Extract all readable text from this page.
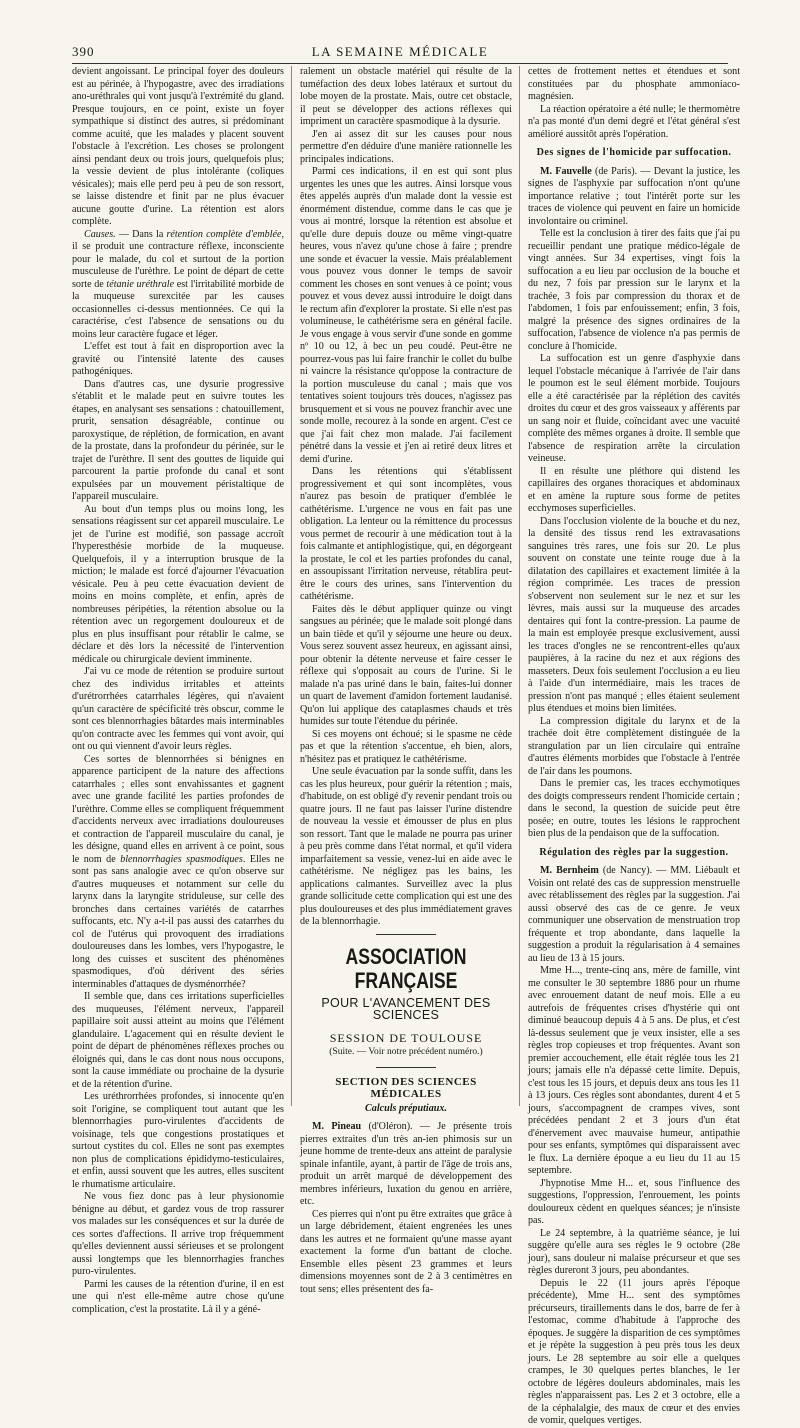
390	LA SEMAINE MÉDICALE

devient angoissant. Le principal foyer des douleurs est au périnée, à l'hypogastre, avec des irradiations ano-uréthrales qui vont jusqu'à l'extrémité du gland. Presque toujours, en ce point, existe un foyer sympathique si distinct des autres, si prédominant comme acuité, que les malades y placent souvent l'obstacle à l'excrétion. Les choses se prolongent ainsi pendant deux ou trois jours, quelquefois plus; la vessie devient de plus intolérante (coliques vésicales); mais elle perd peu à peu de son ressort, se laisse distendre et finit par ne plus évacuer aucune goutte d'urine. La rétention est alors complète.

Causes. — Dans la rétention complète d'emblée, il se produit une contracture réflexe, inconsciente pour le malade, du col et surtout de la portion musculeuse de l'urèthre. Le point de départ de cette sorte de tétanie uréthrale est l'irritabilité morbide de la muqueuse surexcitée par les causes occasionnelles ci-dessus mentionnées. Ce qui la caractérise, c'est l'absence de sensations ou du moins leur caractère fugace et léger.

L'effet est tout à fait en disproportion avec la gravité ou l'intensité latente des causes pathogéniques.

Dans d'autres cas, une dysurie progressive s'établit et le malade peut en suivre toutes les étapes, en analysant ses sensations : chatouillement, prurit, sensation désagréable, continue ou paroxystique, de réplétion, de formication, en avant de la prostate, dans la profondeur du périnée, sur le trajet de l'urèthre. Il sent des gouttes de liquide qui parcourent la partie profonde du canal et sont expulsées par un mouvement péristaltique de l'appareil musculaire.

Au bout d'un temps plus ou moins long, les sensations réagissent sur cet appareil musculaire. Le jet de l'urine est modifié, son passage accroît l'hyperesthésie morbide de la muqueuse. Quelquefois, il y a interruption brusque de la miction; le malade est forcé d'ajourner l'évacuation vésicale. Peu à peu cette évacuation devient de moins en moins complète, et enfin, après de nombreuses péripéties, la rétention absolue ou la rétention avec un regorgement douloureux et de plus en plus insuffisant pour rétablir le calme, se déclare et dès lors la nécessité de l'intervention médicale ou chirurgicale devient imminente.

J'ai vu ce mode de rétention se produire surtout chez des individus irritables et atteints d'urétrorrhées catarrhales légères, qui n'avaient qu'un caractère de spécificité très obscur, comme le sont ces blennorrhagies bâtardes mais interminables qu'on contracte avec les femmes qui vont avoir, qui ont ou qui viennent d'avoir leurs règles.

Ces sortes de blennorrhées si bénignes en apparence participent de la nature des affections catarrhales ; elles sont envahissantes et gagnent avec une grande facilité les parties profondes de l'urèthre. Comme elles se compliquent fréquemment d'accidents nerveux avec irradiations douloureuses et contraction de l'appareil musculaire du canal, je les désigne, quand elles en arrivent à ce point, sous le nom de blennorrhagies spasmodiques. Elles ne sont pas sans analogie avec ce qu'on observe sur d'autres muqueuses et notamment sur celle du larynx dans la laryngite striduleuse, sur celle des bronches dans certaines variétés de catarrhes suffocants, etc. N'y a-t-il pas aussi des catarrhes du col de l'utérus qui provoquent des irradiations douloureuses dans les lombes, vers l'hypogastre, le long des cuisses et suscitent des phénomènes spasmodiques, d'où dérivent des séries interminables d'attaques de dysménorrhée?

Il semble que, dans ces irritations superficielles des muqueuses, l'élément nerveux, l'appareil papillaire soit aussi atteint au moins que l'élément glandulaire. L'agacement qui en résulte devient le point de départ de phénomènes réflexes proches ou éloignés qui, dans le cas dont nous nous occupons, sont la cause immédiate ou prochaine de la dysurie et de la rétention d'urine.

Les uréthrorrhées profondes, si innocente qu'en soit l'origine, se compliquent tout autant que les blennorrhagies puro-virulentes d'accidents de voisinage, tels que congestions prostatiques et surtout cystites du col. Elles ne sont pas exemptes non plus de complications épididymo-testiculaires, et enfin, aussi souvent que les autres, elles suscitent le rhumatisme articulaire.

Ne vous fiez donc pas à leur physionomie bénigne au début, et gardez vous de trop rassurer vos malades sur les conséquences et sur la durée de ces sortes d'affections. Il arrive trop fréquemment qu'elles deviennent aussi sérieuses et se prolongent aussi longtemps que les blennorrhagies franches puro-virulentes.

Parmi les causes de la rétention d'urine, il en est une qui n'est elle-même autre chose qu'une complication, c'est la prostatite. Là il y a géné-

ralement un obstacle matériel qui résulte de la tuméfaction des deux lobes latéraux et surtout du lobe moyen de la prostate. Mais, outre cet obstacle, il peut se développer des actions réflexes qui impriment un caractère spasmodique à la dysurie.

J'en ai assez dit sur les causes pour nous permettre d'en déduire d'une manière rationnelle les principales indications.

Parmi ces indications, il en est qui sont plus urgentes les unes que les autres. Ainsi lorsque vous êtes appelés auprès d'un malade dont la vessie est énormément distendue, comme dans le cas que je vous ai montré, lorsque la rétention est absolue et qu'elle dure depuis douze ou même vingt-quatre heures, vous n'avez qu'une chose à faire ; prendre une sonde et évacuer la vessie. Mais préalablement vous pouvez vous donner le temps de savoir comment les choses en sont venues à ce point; vous pouvez et vous devez aussi introduire le doigt dans le rectum afin d'explorer la prostate. Si elle n'est pas volumineuse, le cathétérisme sera en général facile. Je vous engage à vous servir d'une sonde en gomme nº 10 ou 12, à bec un peu coudé. Peut-être ne pourrez-vous pas lui faire franchir le collet du bulbe ni vaincre la résistance qu'oppose la contracture de la portion musculeuse du canal ; mais que vos tentatives soient toujours très douces, n'agissez pas brusquement et si vous ne pouvez franchir avec une sonde molle, recourez à la sonde en argent. C'est ce que j'ai fait chez mon malade. J'ai facilement pénétré dans la vessie et j'en ai retiré deux litres et demi d'urine.

Dans les rétentions qui s'établissent progressivement et qui sont incomplètes, vous n'aurez pas besoin de pratiquer d'emblée le cathétérisme. L'urgence ne vous en fait pas une obligation. La lenteur ou la rémittence du processus vous permet de recourir à une médication tout à la fois calmante et antiphlogistique, qui, en dégorgeant la prostate, le col et les parties profondes du canal, en assoupissant l'irritation nerveuse, rétablira peut-être le cours des urines, sans l'intervention du cathétérisme.

Faites dès le début appliquer quinze ou vingt sangsues au périnée; que le malade soit plongé dans un bain tiède et qu'il y séjourne une heure ou deux. Vous serez souvent assez heureux, en agissant ainsi, pour obtenir la détente nerveuse et faire cesser le réflexe qui s'opposait au cours de l'urine. Si le malade n'a pas uriné dans le bain, faites-lui donner un quart de lavement d'amidon fortement laudanisé. Qu'on lui applique des cataplasmes chauds et très humides sur toute l'étendue du périnée.

Si ces moyens ont échoué; si le spasme ne cède pas et que la rétention s'accentue, eh bien, alors, n'hésitez pas et pratiquez le cathétérisme.

Une seule évacuation par la sonde suffit, dans les cas les plus heureux, pour guérir la rétention ; mais, d'habitude, on est obligé d'y revenir pendant trois ou quatre jours. Il ne faut pas laisser l'urine distendre de nouveau la vessie et émousser de plus en plus son ressort. Tant que le malade ne pourra pas uriner à peu près comme dans l'état normal, et qu'il videra imparfaitement sa vessie, venez-lui en aide avec le cathétérisme. Ne négligez pas les bains, les applications calmantes. Surveillez avec la plus grande sollicitude cette complication qui est une des plus douloureuses et des plus immédiatement graves de la blennorrhagie.

ASSOCIATION FRANÇAISE
POUR L'AVANCEMENT DES SCIENCES
SESSION DE TOULOUSE
(Suite. — Voir notre précédent numéro.)
SECTION DES SCIENCES MÉDICALES
Calculs préputiaux.

M. Pineau (d'Oléron). — Je présente trois pierres extraites d'un très an-ien phimosis sur un jeune homme de trente-deux ans atteint de paralysie spinale infantile, ayant, à partir de l'âge de trois ans, produit un arrêt marqué de développement des membres inférieurs, luxation du genou en arrière, etc.

Ces pierres qui n'ont pu être extraites que grâce à un large débridement, étaient engrenées les unes dans les autres et ne formaient qu'une masse ayant exactement la forme d'un battant de cloche. Ensemble elles pèsent 23 grammes et leurs dimensions moyennes sont de 2 à 3 centimètres en tout sens; elles présentent des fa-

cettes de frottement nettes et étendues et sont constituées par du phosphate ammoniaco-magnésien.

La réaction opératoire a été nulle; le thermomètre n'a pas monté d'un demi degré et l'état général s'est amélioré aussitôt après l'opération.

Des signes de l'homicide par suffocation.

M. Fauvelle (de Paris). — Devant la justice, les signes de l'asphyxie par suffocation n'ont qu'une importance relative ; tout l'intérêt porte sur les traces de violence qui peuvent en faire un homicide involontaire ou criminel.

Telle est la conclusion à tirer des faits que j'ai pu recueillir pendant une pratique médico-légale de vingt années. Sur 34 expertises, vingt fois la suffocation a eu lieu par occlusion de la bouche et du nez, 7 fois par pression sur le larynx et la trachée, 3 fois par compression du thorax et de l'abdomen, 1 fois par enfouissement; enfin, 3 fois, malgré la présence des signes ordinaires de la suffocation, l'absence de violence n'a pas permis de conclure à l'homicide.

La suffocation est un genre d'asphyxie dans lequel l'obstacle mécanique à l'arrivée de l'air dans le poumon est le seul élément morbide. Toujours elle a été caractérisée par la réplétion des cavités droites du cœur et des gros vaisseaux y afférents par un sang noir et fluide, coïncidant avec une vacuité complète des mêmes organes à droite. Il semble que l'absence de respiration arrête la circulation veineuse.

Il en résulte une pléthore qui distend les capillaires des organes thoraciques et abdominaux et en amène la rupture sous forme de petites ecchymoses superficielles.

Dans l'occlusion violente de la bouche et du nez, la densité des tissus rend les extravasations sanguines très rares, une fois sur 20. Le plus souvent on constate une teinte rouge due à la dilatation des capillaires et exactement limitée à la région comprimée. Les traces de pression s'observent non seulement sur le nez et sur les lèvres, mais aussi sur la muqueuse des arcades dentaires qui font la contre-pression. La paume de la main est employée presque exclusivement, aussi les traces d'ongles ne se rencontrent-elles qu'aux paupières, à la racine du nez et aux régions des masseters. Deux fois seulement l'occlusion a eu lieu à l'aide d'un intermédiaire, mais les traces de pression n'ont pas manqué ; elles étaient seulement plus étendues et moins bien limitées.

La compression digitale du larynx et de la trachée doit être complètement distinguée de la strangulation par un lien circulaire qui entraîne d'autres éléments morbides que l'obstacle à l'entrée de l'air dans les poumons.

Dans le premier cas, les traces ecchymotiques des doigts compresseurs rendent l'homicide certain ; dans le second, la question de suicide peut être posée; en outre, toutes les lésions le rapprochent bien plus de la pendaison que de la suffocation.

Régulation des règles par la suggestion.

M. Bernheim (de Nancy). — MM. Liébault et Voisin ont relaté des cas de suppression menstruelle avec rétablissement des règles par la suggestion. J'ai aussi observé des cas de ce genre. Je veux communiquer une observation de menstruation trop fréquente et trop abondante, dans laquelle la suggestion a produit la régularisation à 4 semaines au lieu de 13 à 15 jours.

Mme H..., trente-cinq ans, mère de famille, vint me consulter le 30 septembre 1886 pour un rhume avec enrouement datant de neuf mois. Elle a eu autrefois de fréquentes crises d'hystérie qui ont diminué beaucoup depuis 4 à 5 ans. De plus, et c'est là-dessus seulement que je veux insister, elle a ses règles trop copieuses et trop fréquentes. Avant son premier accouchement, elle était réglée tous les 21 jours; jamais elle n'a dépassé cette limite. Depuis, c'est tous les 15 jours, et depuis deux ans tous les 11 à 13 jours. Ces règles sont abondantes, durent 4 et 5 jours, s'accompagnent de crampes vives, sont précédées pendant 2 et 3 jours d'un état d'énervement avec mauvaise humeur, antipathie pour ses enfants, symptômes qui disparaissent avec le flux. La dernière époque a eu lieu du 11 au 15 septembre.

J'hypnotise Mme H... et, sous l'influence des suggestions, l'oppression, l'enrouement, les points douloureux cèdent en quelques séances; je n'insiste pas.

Le 24 septembre, à la quatrième séance, je lui suggère qu'elle aura ses règles le 9 octobre (28e jour), sans douleur ni malaise précurseur et que ses règles dureront 3 jours, peu abondantes.

Depuis le 22 (11 jours après l'époque précédente), Mme H... sent des symptômes précurseurs, tiraillements dans le dos, barre de fer à l'estomac, comme d'habitude à l'approche des époques. Je suggère la disparition de ces symptômes et je répète la suggestion à peu près tous les deux jours. Le 28 septembre au soir elle a quelques crampes, le 30 quelques pertes blanches, le 1er octobre de légères douleurs abdominales, mais les règles n'apparaissent pas. Les 2 et 3 octobre, elle a de la céphalalgie, des maux de cœur et des envies de vomir, quelques vertiges.
